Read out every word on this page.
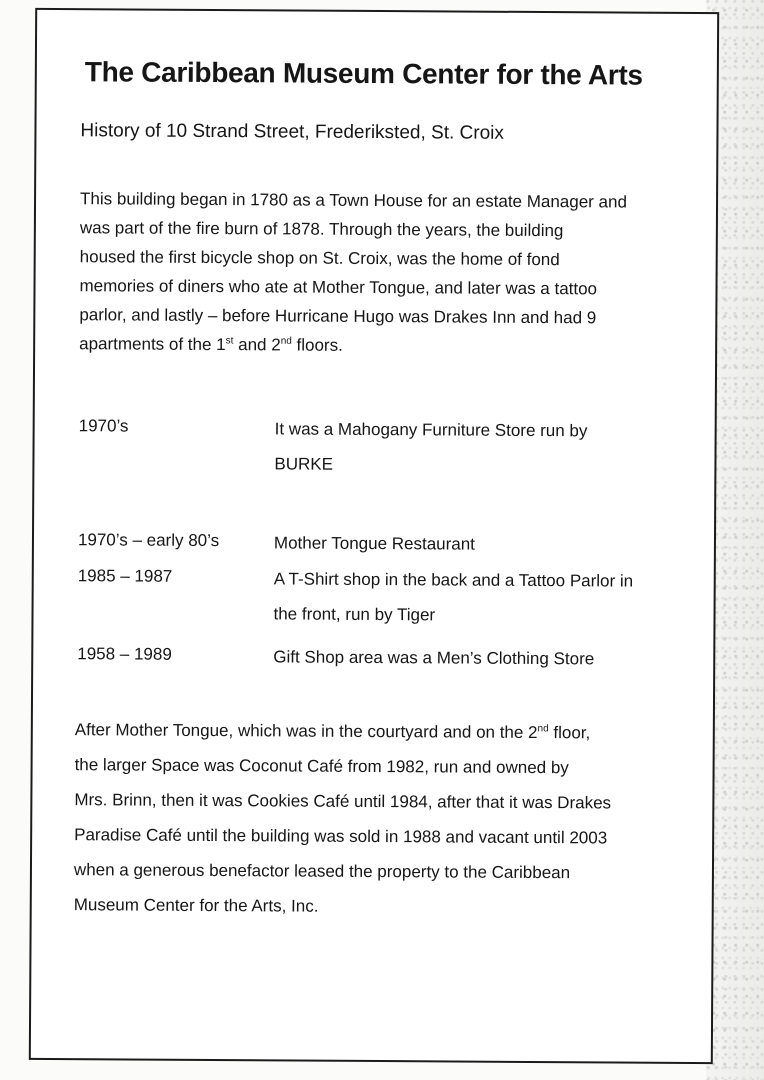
The Caribbean Museum Center for the Arts

History of 10 Strand Street, Frederiksted, St. Croix

This building began in 1780 as a Town House for an estate Manager and
was part of the fire burn of 1878. Through the years, the building
housed the first bicycle shop on St. Croix, was the home of fond
memories of diners who ate at Mother Tongue, and later was a tattoo
parlor, and lastly – before Hurricane Hugo was Drakes Inn and had 9
apartments of the 1st and 2nd floors.

1970’s	It was a Mahogany Furniture Store run by
BURKE
1970’s – early 80’s	Mother Tongue Restaurant
1985 – 1987	A T-Shirt shop in the back and a Tattoo Parlor in
the front, run by Tiger
1958 – 1989	Gift Shop area was a Men’s Clothing Store

After Mother Tongue, which was in the courtyard and on the 2nd floor,
the larger Space was Coconut Café from 1982, run and owned by
Mrs. Brinn, then it was Cookies Café until 1984, after that it was Drakes
Paradise Café until the building was sold in 1988 and vacant until 2003
when a generous benefactor leased the property to the Caribbean
Museum Center for the Arts, Inc.
